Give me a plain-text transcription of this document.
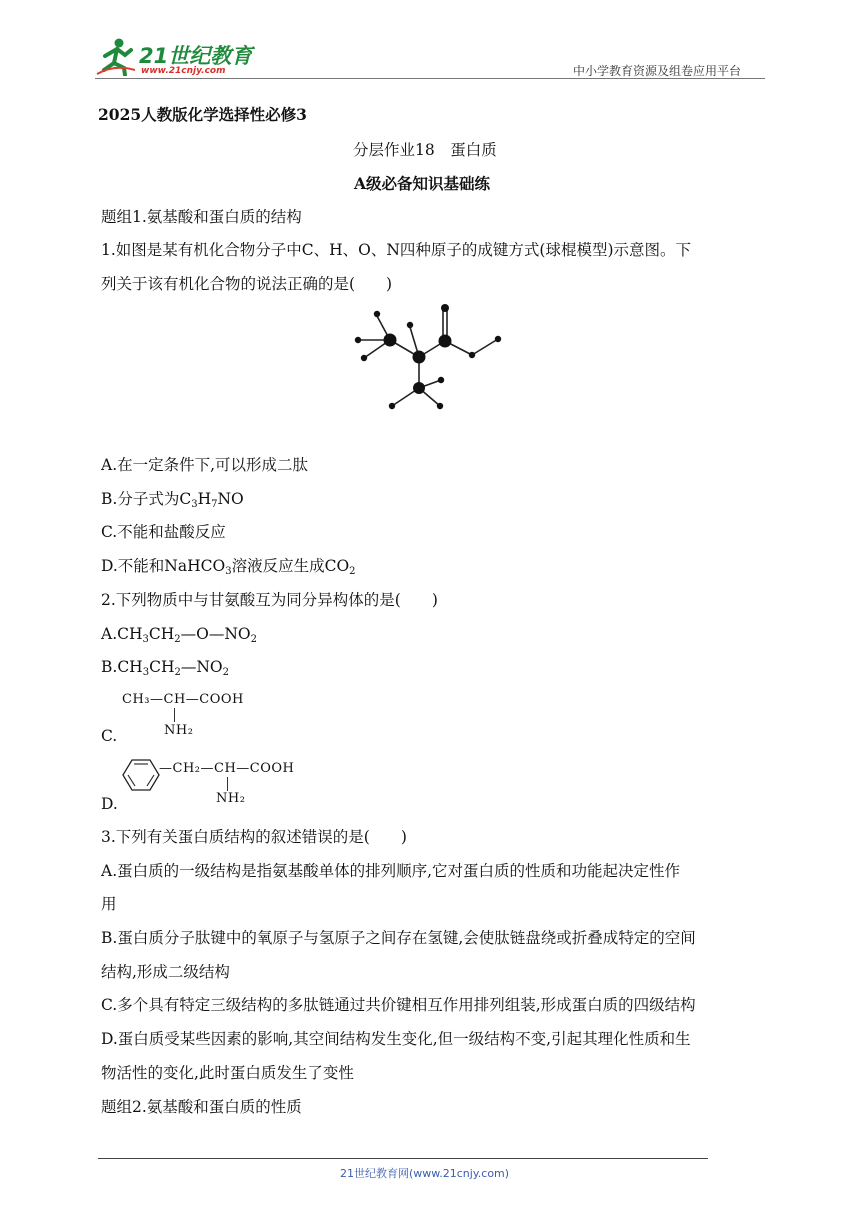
21世纪教育
www.21cnjy.com	中小学教育资源及组卷应用平台
2025人教版化学选择性必修3
分层作业18　蛋白质
A级必备知识基础练
题组1.氨基酸和蛋白质的结构
1.如图是某有机化合物分子中C、H、O、N四种原子的成键方式(球棍模型)示意图。下
列关于该有机化合物的说法正确的是(　　)
A.在一定条件下,可以形成二肽
B.分子式为$C_3H_7NO$
C.不能和盐酸反应
D.不能和NaHCO$_3$溶液反应生成$CO_2$
2.下列物质中与甘氨酸互为同分异构体的是(　　)
$A.CH_3CH_2—O—NO_2$
$B.CH_3CH_2—NO_2$
CH₃—CH—COOH
NH₂
C.
—CH₂—CH—COOH
NH₂
D.
3.下列有关蛋白质结构的叙述错误的是(　　)
A.蛋白质的一级结构是指氨基酸单体的排列顺序,它对蛋白质的性质和功能起决定性作
用
B.蛋白质分子肽键中的氧原子与氢原子之间存在氢键,会使肽链盘绕或折叠成特定的空间
结构,形成二级结构
C.多个具有特定三级结构的多肽链通过共价键相互作用排列组装,形成蛋白质的四级结构
D.蛋白质受某些因素的影响,其空间结构发生变化,但一级结构不变,引起其理化性质和生
物活性的变化,此时蛋白质发生了变性
题组2.氨基酸和蛋白质的性质
21世纪教育网(www.21cnjy.com)
